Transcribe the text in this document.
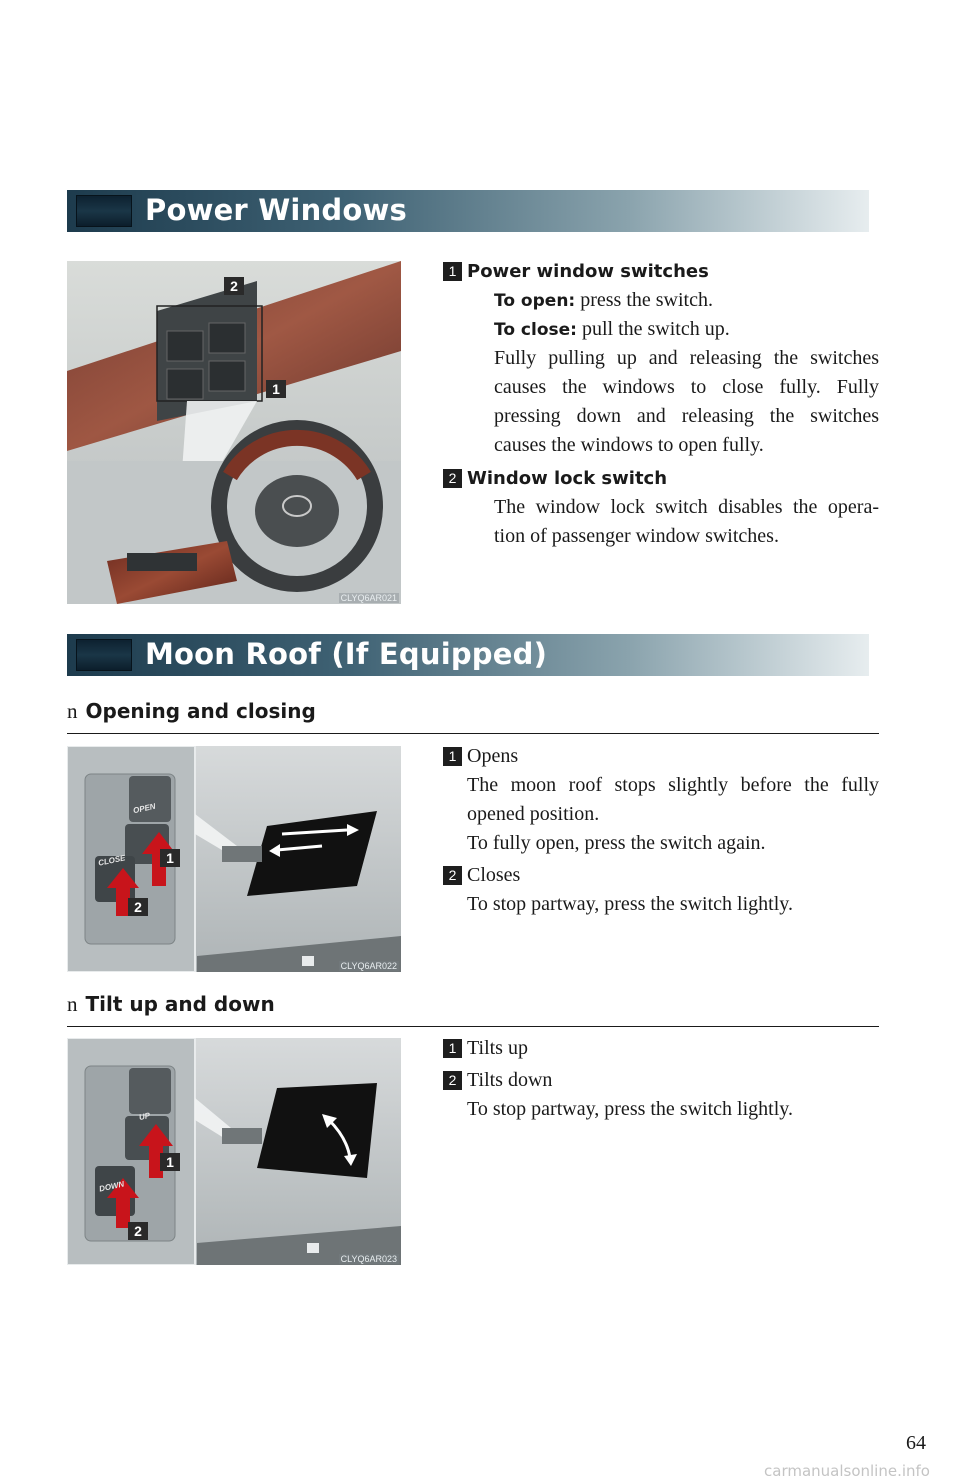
Power Windows
2
1
CLYQ6AR021
1 Power window switches
To open: press the switch.
To close: pull the switch up.
Fully pulling up and releasing the switches
causes the windows to close fully. Fully
pressing down and releasing the switches
causes the windows to open fully.
2 Window lock switch
The window lock switch disables the opera-
tion of passenger window switches.
Moon Roof (If Equipped)
n Opening and closing
OPEN
CLOSE	1
2
CLYQ6AR022
1 Opens
The moon roof stops slightly before the fully
opened position.
To fully open, press the switch again.
2 Closes
To stop partway, press the switch lightly.
n Tilt up and down
UP
DOWN
1
2
CLYQ6AR023
1 Tilts up
2 Tilts down
To stop partway, press the switch lightly.
64
carmanualsonline.info
